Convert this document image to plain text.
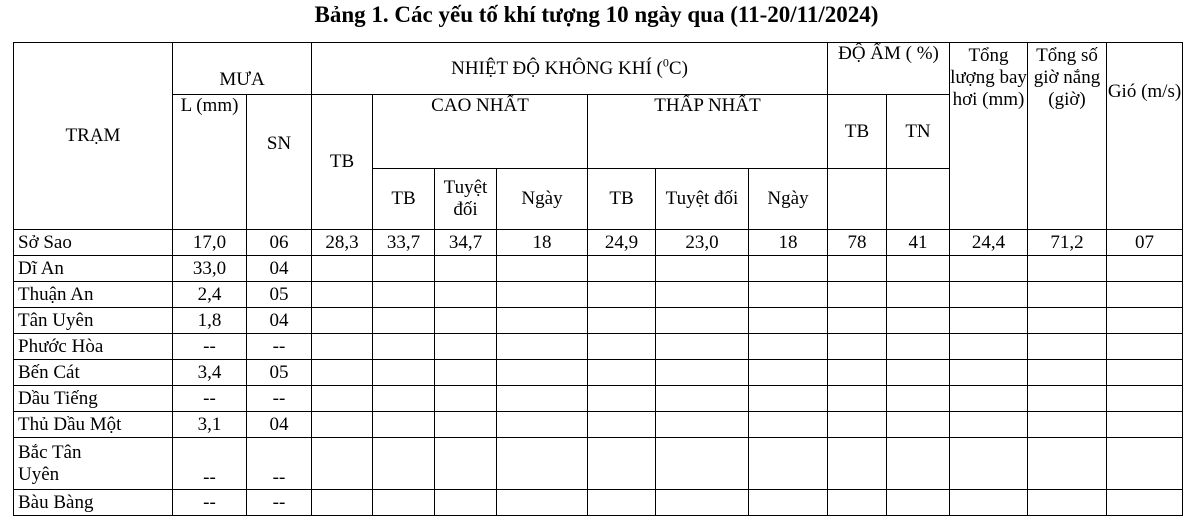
Bảng 1. Các yếu tố khí tượng 10 ngày qua (11-20/11/2024)
TRẠM	MƯA		NHIỆT ĐỘ KHÔNG KHÍ ($^0$C)							ĐỘ ẨM ( %)		Tổng lượng bay hơi (mm)	Tổng số giờ nắng (giờ)	Gió (m/s)
	L (mm)	SN	TB	CAO NHẤT			THẤP NHẤT			TB	TN			
				TB	Tuyệt đối	Ngày	TB	Tuyệt đối	Ngày					
Sở Sao	17,0	06	28,3	33,7	34,7	18	24,9	23,0	18	78	41	24,4	71,2	07
Dĩ An	33,0	04												
Thuận An	2,4	05												
Tân Uyên	1,8	04												
Phước Hòa	--	--												
Bến Cát	3,4	05												
Dầu Tiếng	--	--												
Thủ Dầu Một	3,1	04												
Bắc Tân Uyên	--	--												
Bàu Bàng	--	--												
